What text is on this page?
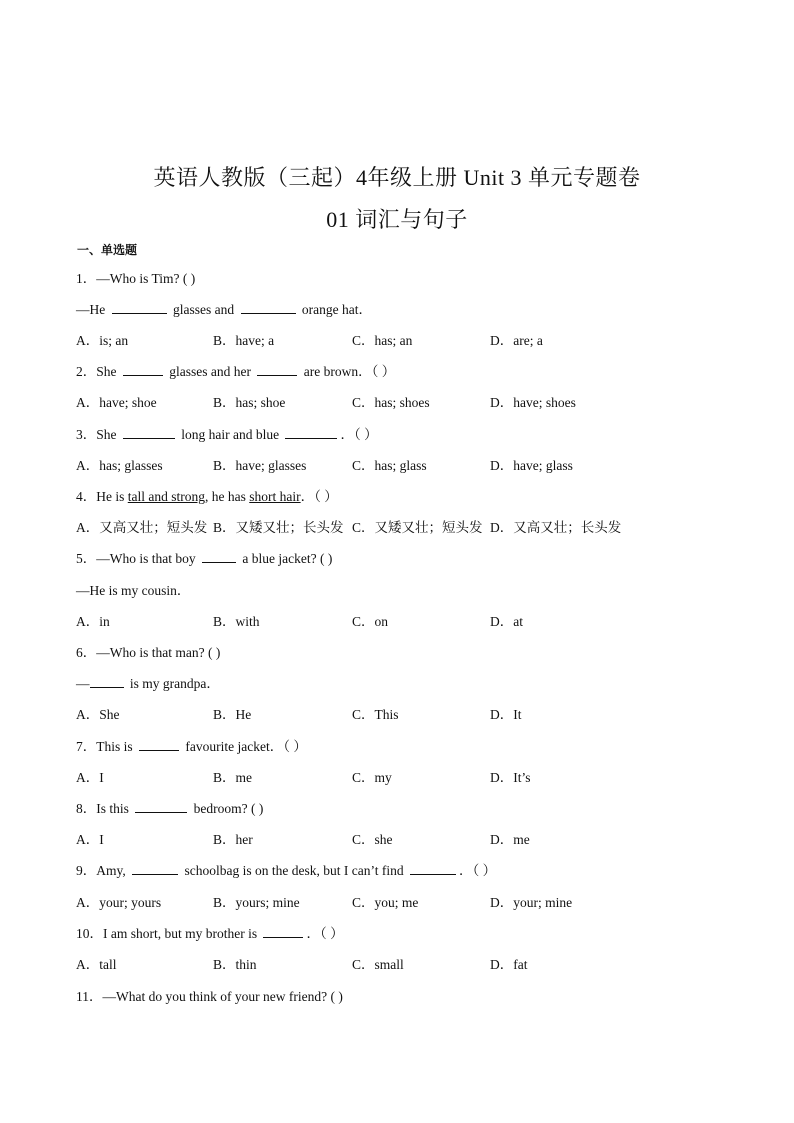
英语人教版（三起）4年级上册 Unit 3 单元专题卷
01 词汇与句子
一、单选题
1．—Who is Tim? ( )
—He	glasses and	orange hat．
A．is; an	B．have; a	C．has; an	D．are; a
2．She	glasses and her	are brown．（ ）
A．have; shoe	B．has; shoe	C．has; shoes	D．have; shoes
3．She	long hair and blue	．（ ）
A．has; glasses	B．have; glasses	C．has; glass	D．have; glass
4．He is tall and strong, he has short hair．（ ）
A．又高又壮；短头发 B．又矮又壮；长头发 C．又矮又壮；短头发 D．又高又壮；长头发
5．—Who is that boy	a blue jacket? ( )
—He is my cousin．
A．in	B．with	C．on	D．at
6．—Who is that man? ( )
—	is my grandpa．
A．She	B．He	C．This	D．It
7．This is	favourite jacket．（ ）
A．I	B．me	C．my	D．It’s
8．Is this	bedroom? ( )
A．I	B．her	C．she	D．me
9．Amy,	schoolbag is on the desk, but I can’t find	．（ ）
A．your; yours	B．yours; mine	C．you; me	D．your; mine
10．I am short, but my brother is	．（ ）
A．tall	B．thin	C．small	D．fat
11．—What do you think of your new friend? ( )
